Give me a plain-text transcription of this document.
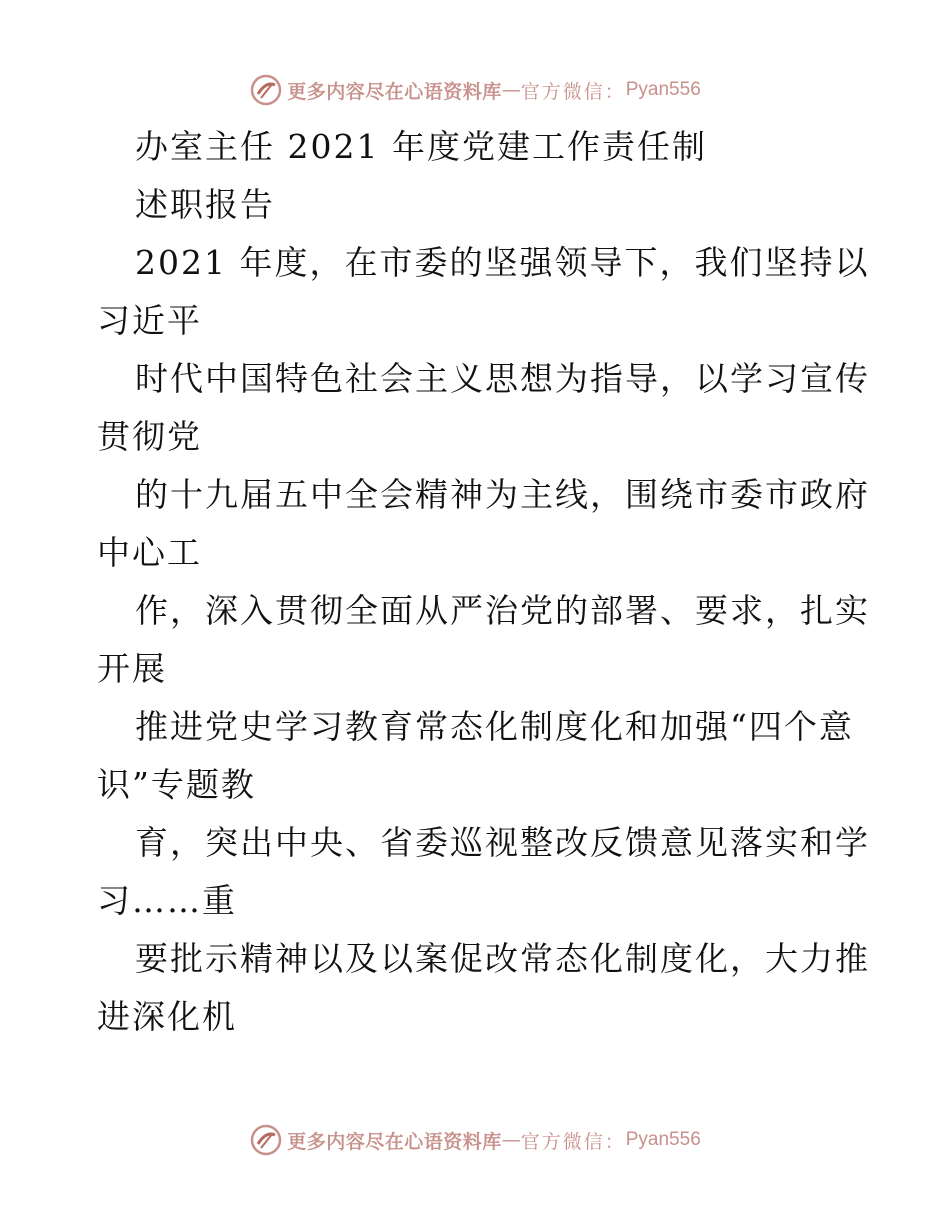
更多内容尽在心语资料库 — 官方微信： Pyan556
办室主任 2021 年度党建工作责任制
述职报告
2021 年度，在市委的坚强领导下，我们坚持以
习近平
时代中国特色社会主义思想为指导，以学习宣传
贯彻党
的十九届五中全会精神为主线，围绕市委市政府
中心工
作，深入贯彻全面从严治党的部署、要求，扎实
开展
推进党史学习教育常态化制度化和加强“四个意
识”专题教
育，突出中央、省委巡视整改反馈意见落实和学
习……重
要批示精神以及以案促改常态化制度化，大力推
进深化机
更多内容尽在心语资料库 — 官方微信： Pyan556
